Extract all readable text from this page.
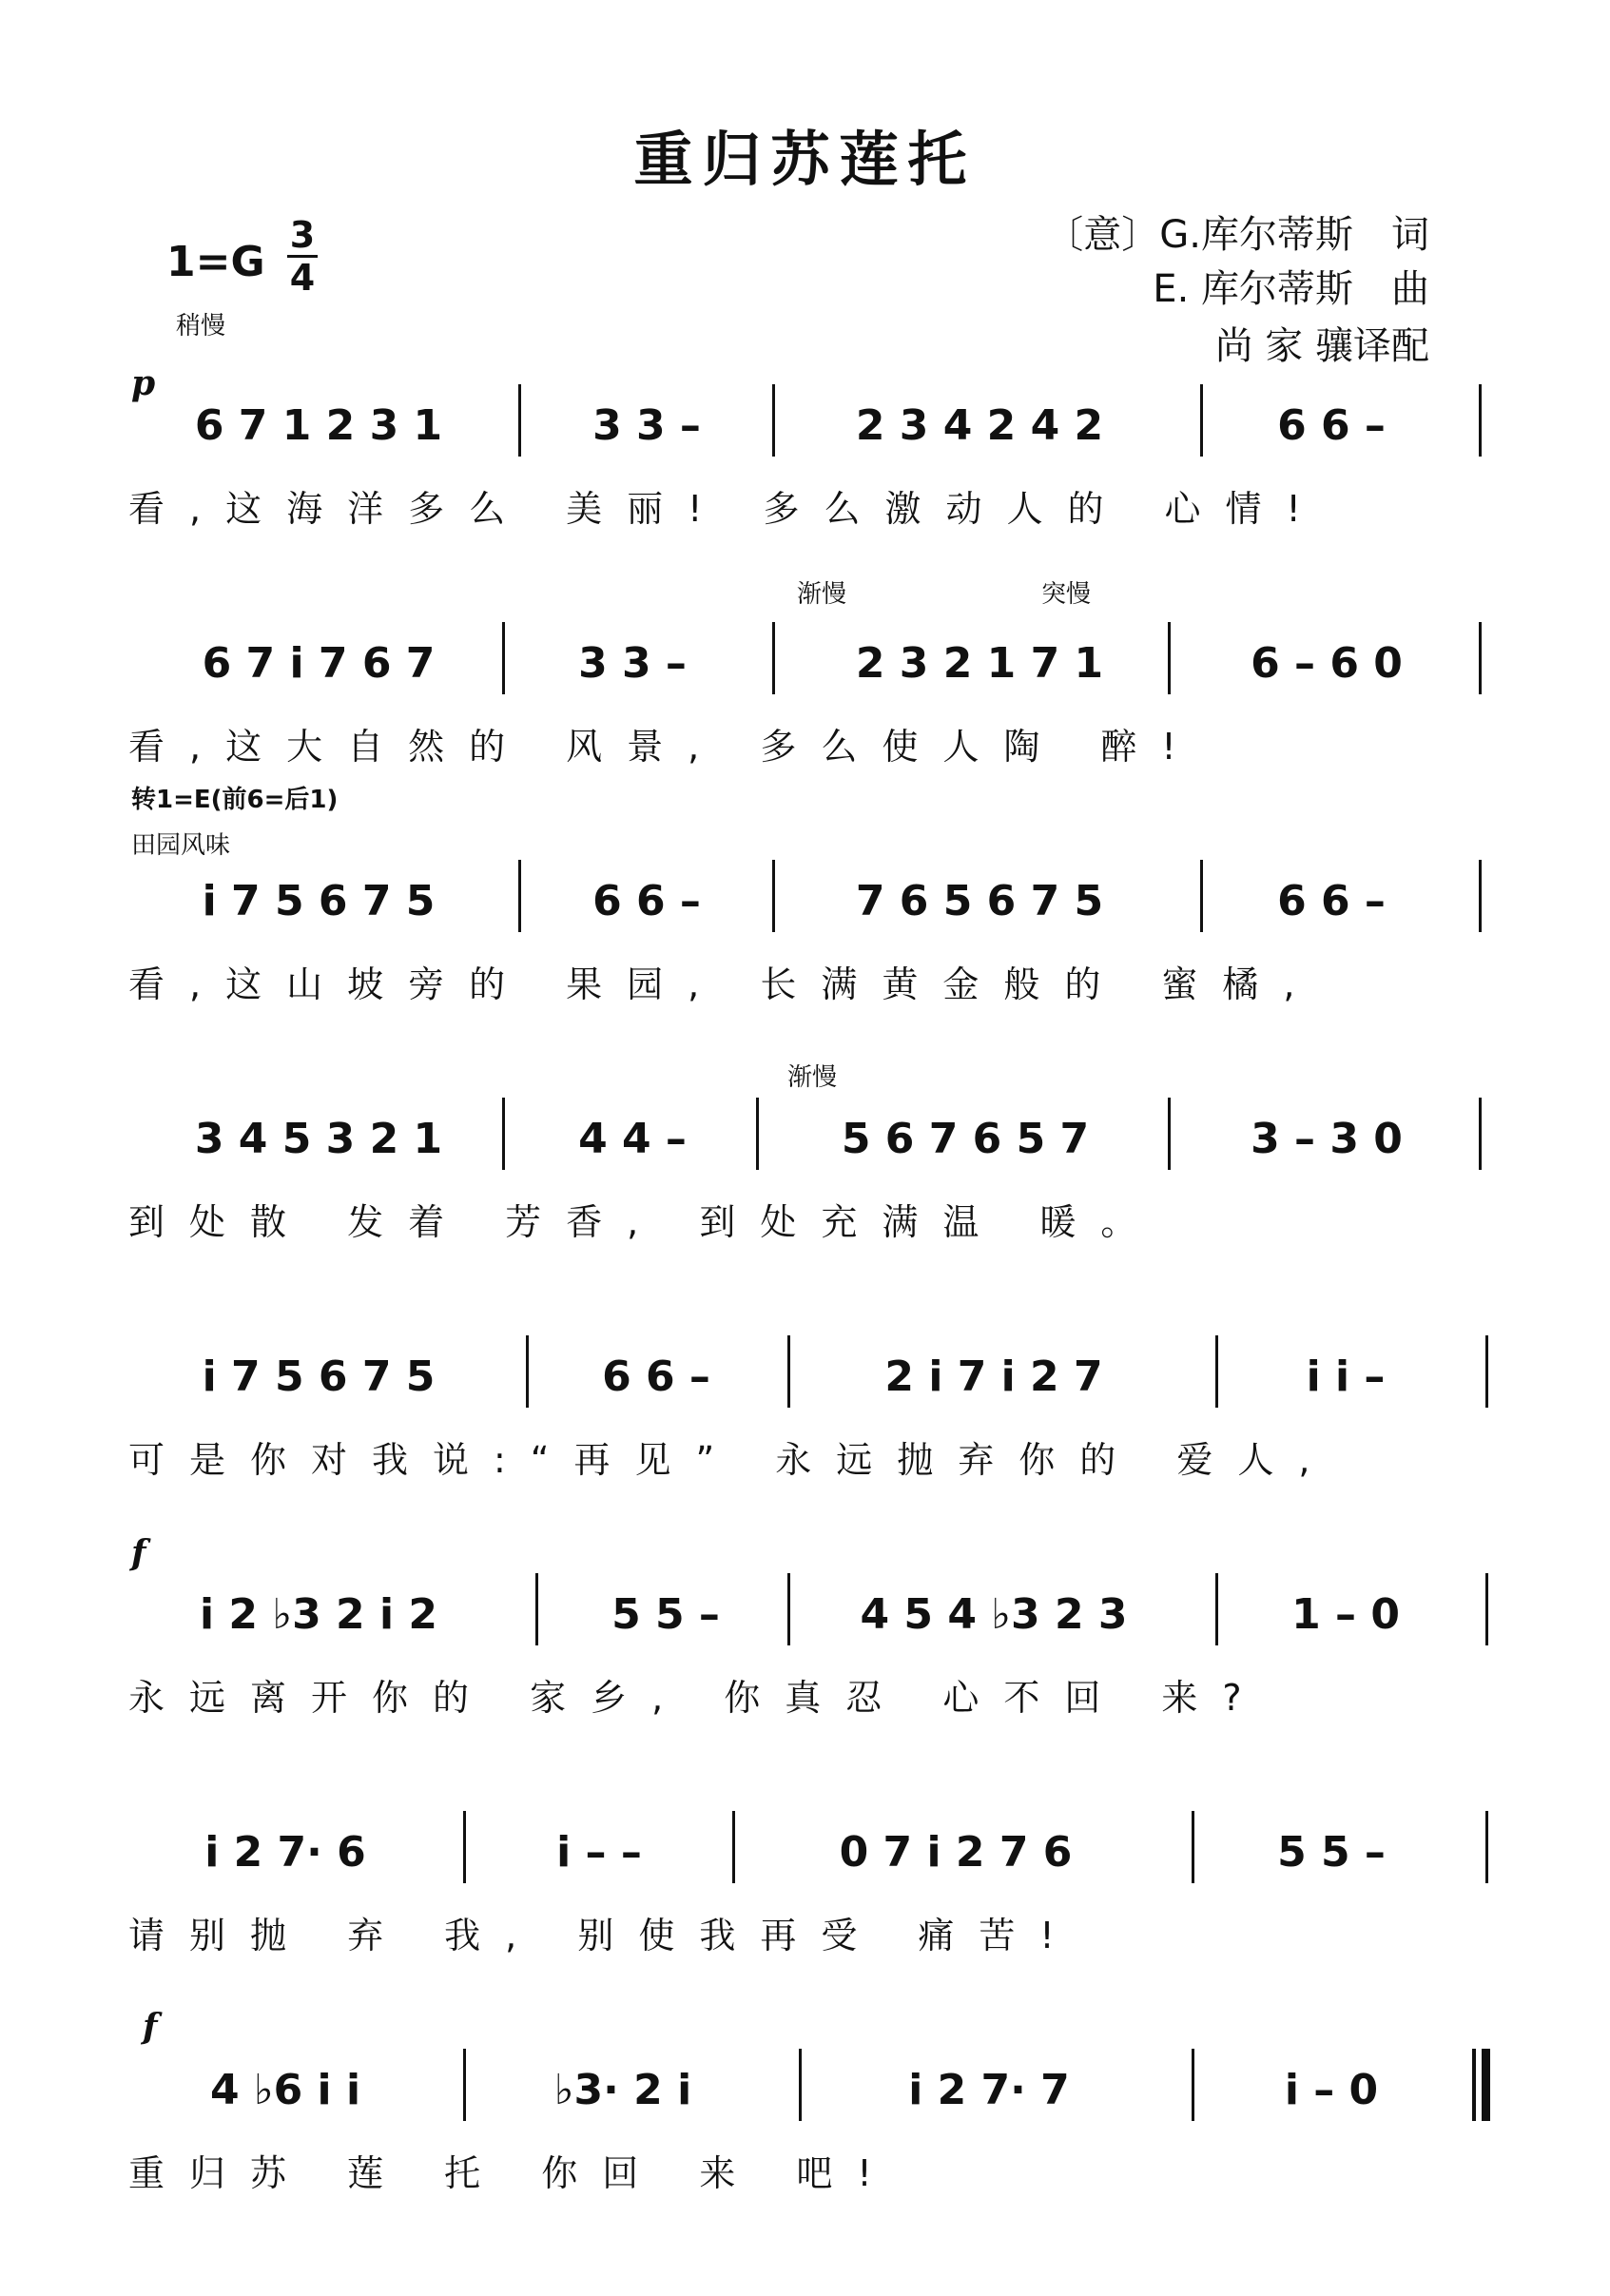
重归苏莲托
〔意〕G.库尔蒂斯　词
E. 库尔蒂斯　曲
尚 家 骧译配
1=G
3
4
稍慢
p
6 7 1 2 3 1	3 3 –	2 3 4 2 4 2	6 6 –
看,这海洋多么 美丽! 多么激动人的 心情!
渐慢	突慢
6 7 i 7 6 7	3 3 –	2 3 2 1 7 1	6 – 6 0
看,这大自然的 风景, 多么使人陶 醉!
转1=E(前6=后1)
田园风味
i 7 5 6 7 5	6 6 –	7 6 5 6 7 5	6 6 –
看,这山坡旁的 果园, 长满黄金般的 蜜橘,
渐慢
3 4 5 3 2 1	4 4 –	5 6 7 6 5 7	3 – 3 0
到处散 发着 芳香, 到处充满温 暖。
i 7 5 6 7 5	6 6 –	2 i 7 i 2 7	i i –
可是你对我说:“再见” 永远抛弃你的 爱人,
f
i 2 ♭3 2 i 2	5 5 –	4 5 4 ♭3 2 3	1 – 0
永远离开你的 家乡, 你真忍 心不回 来?
i 2 7· 6	i – –	0 7 i 2 7 6	5 5 –
请别抛 弃 我, 别使我再受 痛苦!
f
4 ♭6 i i	♭3· 2 i	i 2 7· 7	i – 0
重归苏 莲 托 你回 来 吧!
